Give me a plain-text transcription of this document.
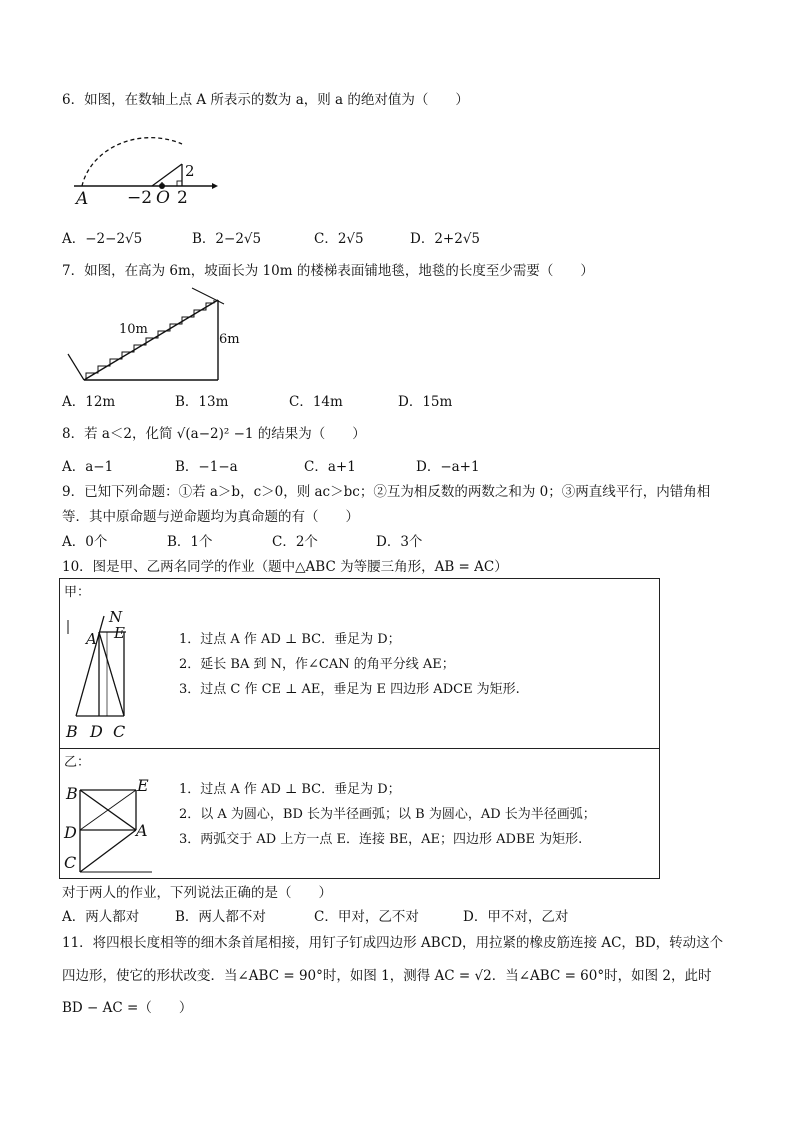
6．如图，在数轴上点 A 所表示的数为 a，则 a 的绝对值为（　　）
A −2 O 2
2
A．−2−2√5	B．2−2√5	C．2√5	D．2+2√5
7．如图，在高为 6m，坡面长为 10m 的楼梯表面铺地毯，地毯的长度至少需要（　　）
10m
6m
A．12m	B．13m	C．14m	D．15m
8．若 a＜2，化简 √(a−2)² −1 的结果为（　　）
A．a−1	B．−1−a	C．a+1	D．−a+1
9．已知下列命题：①若 a＞b，c＞0，则 ac＞bc；②互为相反数的两数之和为 0；③两直线平行，内错角相
等．其中原命题与逆命题均为真命题的有（　　）
A．0个	B．1个	C．2个	D．3个
10．图是甲、乙两名同学的作业（题中△ABC 为等腰三角形，AB = AC）
甲：
N
A E
B D C
1．过点 A 作 AD ⊥ BC．垂足为 D；
2．延长 BA 到 N，作∠CAN 的角平分线 AE；
3．过点 C 作 CE ⊥ AE，垂足为 E 四边形 ADCE 为矩形.
乙：
B	E
D	A
C
1．过点 A 作 AD ⊥ BC．垂足为 D；
2．以 A 为圆心，BD 长为半径画弧；以 B 为圆心，AD 长为半径画弧；
3．两弧交于 AD 上方一点 E．连接 BE，AE；四边形 ADBE 为矩形.
对于两人的作业，下列说法正确的是（　　）
A．两人都对	B．两人都不对	C．甲对，乙不对	D．甲不对，乙对
11．将四根长度相等的细木条首尾相接，用钉子钉成四边形 ABCD，用拉紧的橡皮筋连接 AC，BD，转动这个
四边形，使它的形状改变．当∠ABC = 90°时，如图 1，测得 AC = √2．当∠ABC = 60°时，如图 2，此时
BD − AC =（　　）
